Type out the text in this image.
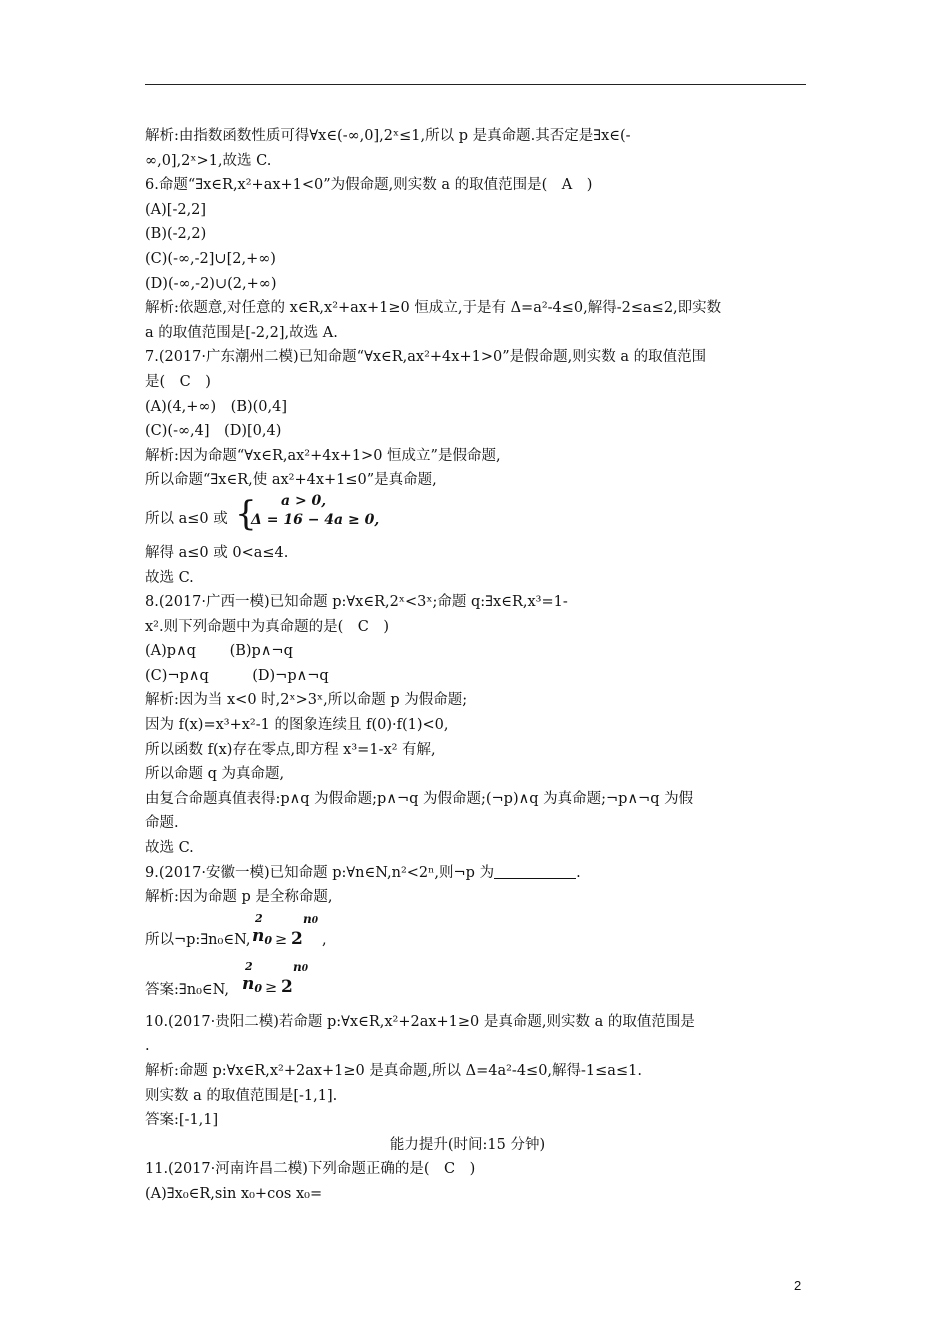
解析:由指数函数性质可得∀x∈(-∞,0],2ˣ≤1,所以 p 是真命题.其否定是∃x∈(-
∞,0],2ˣ>1,故选 C.
6.命题“∃x∈R,x²+ax+1<0”为假命题,则实数 a 的取值范围是(　A　)
(A)[-2,2]
(B)(-2,2)
(C)(-∞,-2]∪[2,+∞)
(D)(-∞,-2)∪(2,+∞)
解析:依题意,对任意的 x∈R,x²+ax+1≥0 恒成立,于是有 Δ=a²-4≤0,解得-2≤a≤2,即实数
a 的取值范围是[-2,2],故选 A.
7.(2017·广东潮州二模)已知命题“∀x∈R,ax²+4x+1>0”是假命题,则实数 a 的取值范围
是(　C　)
(A)(4,+∞)　(B)(0,4]
(C)(-∞,4]　(D)[0,4)
解析:因为命题“∀x∈R,ax²+4x+1>0 恒成立”是假命题,
所以命题“∃x∈R,使 ax²+4x+1≤0”是真命题,
所以 a≤0 或 { a > 0,
Δ = 16 − 4a ≥ 0,
解得 a≤0 或 0<a≤4.
故选 C.
8.(2017·广西一模)已知命题 p:∀x∈R,2ˣ<3ˣ;命题 q:∃x∈R,x³=1-
x².则下列命题中为真命题的是(　C　)
(A)p∧q　　 (B)p∧¬q
(C)¬p∧q　　　(D)¬p∧¬q
解析:因为当 x<0 时,2ˣ>3ˣ,所以命题 p 为假命题;
因为 f(x)=x³+x²-1 的图象连续且 f(0)·f(1)<0,
所以函数 f(x)存在零点,即方程 x³=1-x² 有解,
所以命题 q 为真命题,
由复合命题真值表得:p∧q 为假命题;p∧¬q 为假命题;(¬p)∧q 为真命题;¬p∧¬q 为假
命题.
故选 C.
9.(2017·安徽一模)已知命题 p:∀n∈N,n²<2ⁿ,则¬p 为	.
解析:因为命题 p 是全称命题,
所以¬p:∃n₀∈N, n0
2
≥ 2
n0
,
答案:∃n₀∈N, n0
2
≥ 2
n0
10.(2017·贵阳二模)若命题 p:∀x∈R,x²+2ax+1≥0 是真命题,则实数 a 的取值范围是
.
解析:命题 p:∀x∈R,x²+2ax+1≥0 是真命题,所以 Δ=4a²-4≤0,解得-1≤a≤1.
则实数 a 的取值范围是[-1,1].
答案:[-1,1]
能力提升(时间:15 分钟)
11.(2017·河南许昌二模)下列命题正确的是(　C　)
(A)∃x₀∈R,sin x₀+cos x₀=
2
